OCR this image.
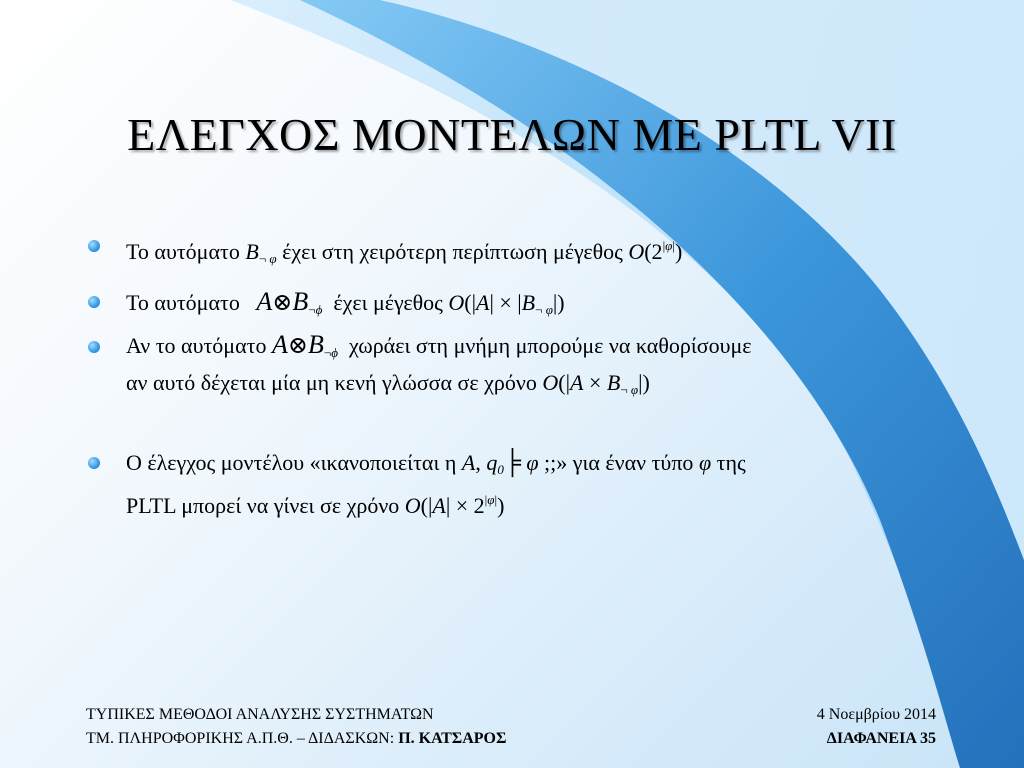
ΕΛΕΓΧΟΣ ΜΟΝΤΕΛΩΝ ΜΕ PLTL VII
Το αυτόματο $B_{\neg \varphi}$ έχει στη χειρότερη περίπτωση μέγεθος $O(2^{|\varphi|})$
Το αυτόματο   $A\otimes B_{\neg\phi}$ έχει μέγεθος $O(|A| \times |B_{\neg \varphi}|)$
Αν το αυτόματο $A\otimes B_{\neg\phi}$  χωράει στη μνήμη μπορούμε να καθορίσουμε
αν αυτό δέχεται μία μη κενή γλώσσα σε χρόνο $O(|A \times B_{\neg \varphi}|)$
Ο έλεγχος μοντέλου «ικανοποιείται η A, $q_0╞$ φ ;;» για έναν τύπο φ της
PLTL μπορεί να γίνει σε χρόνο $O(|A| \times 2^{|\varphi|})$
ΤΥΠΙΚΕΣ ΜΕΘΟΔΟΙ ΑΝΑΛΥΣΗΣ ΣΥΣΤΗΜΑΤΩΝ
ΤΜ. ΠΛΗΡΟΦΟΡΙΚΗΣ Α.Π.Θ. – ΔΙΔΑΣΚΩΝ: Π. ΚΑΤΣΑΡΟΣ
4 Νοεμβρίου 2014
ΔΙΑΦΑΝΕΙΑ 35
